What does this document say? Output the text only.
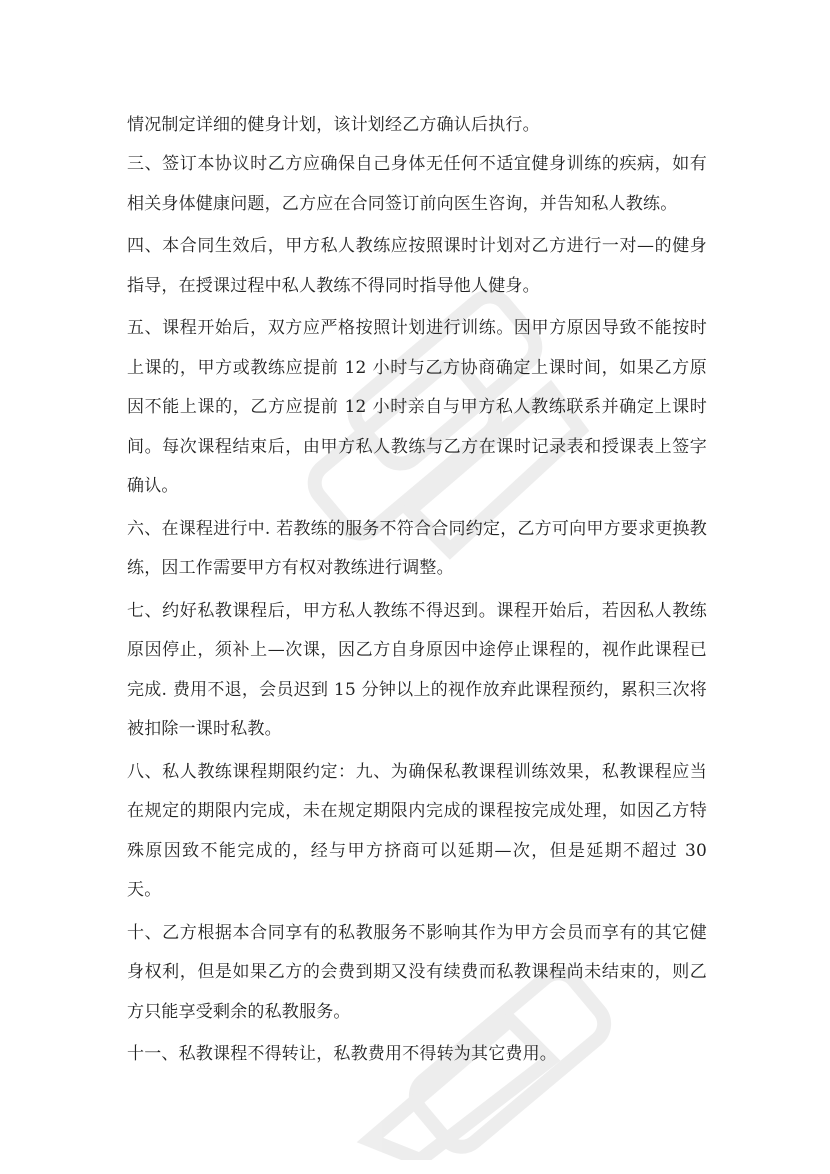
情况制定详细的健身计划，该计划经乙方确认后执行。

三、签订本协议时乙方应确保自己身体无任何不适宜健身训练的疾病，如有相关身体健康问题，乙方应在合同签订前向医生咨询，并告知私人教练。

四、本合同生效后，甲方私人教练应按照课时计划对乙方进行一对—的健身指导，在授课过程中私人教练不得同时指导他人健身。

五、课程开始后，双方应严格按照计划进行训练。因甲方原因导致不能按时上课的，甲方或教练应提前 12 小时与乙方协商确定上课时间，如果乙方原因不能上课的，乙方应提前 12 小时亲自与甲方私人教练联系并确定上课时间。每次课程结束后，由甲方私人教练与乙方在课时记录表和授课表上签字确认。

六、在课程进行中. 若教练的服务不符合合同约定，乙方可向甲方要求更换教练，因工作需要甲方有权对教练进行调整。

七、约好私教课程后，甲方私人教练不得迟到。课程开始后，若因私人教练原因停止，须补上—次课，因乙方自身原因中途停止课程的，视作此课程已完成. 费用不退，会员迟到 15 分钟以上的视作放弃此课程预约，累积三次将被扣除一课时私教。

八、私人教练课程期限约定：九、为确保私教课程训练效果，私教课程应当在规定的期限内完成，未在规定期限内完成的课程按完成处理，如因乙方特殊原因致不能完成的，经与甲方挤商可以延期—次，但是延期不超过 30 天。

十、乙方根据本合同享有的私教服务不影响其作为甲方会员而享有的其它健身权利，但是如果乙方的会费到期又没有续费而私教课程尚未结束的，则乙方只能享受剩余的私教服务。

十一、私教课程不得转让，私教费用不得转为其它费用。
